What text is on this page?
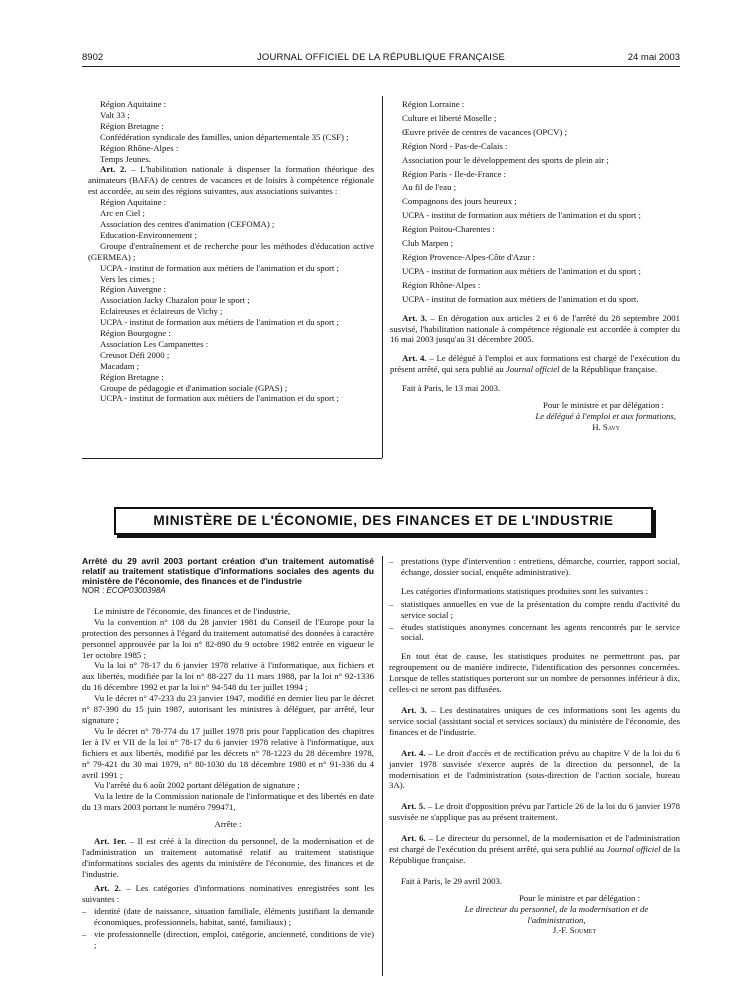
8902	JOURNAL OFFICIEL DE LA RÉPUBLIQUE FRANÇAISE	24 mai 2003

Région Aquitaine :

Valt 33 ;

Région Bretagne :

Confédération syndicale des familles, union départementale 35 (CSF) ;

Région Rhône-Alpes :

Temps Jeunes.

Art. 2. – L'habilitation nationale à dispenser la formation théorique des animateurs (BAFA) de centres de vacances et de loisirs à compétence régionale est accordée, au sein des régions suivantes, aux associations suivantes :

Région Aquitaine :

Arc en Ciel ;

Association des centres d'animation (CEFOMA) ;

Education-Environnement ;

Groupe d'entraînement et de recherche pour les méthodes d'éducation active (GERMEA) ;

UCPA - institut de formation aux métiers de l'animation et du sport ;

Vers les cimes ;

Région Auvergne :

Association Jacky Chazalon pour le sport ;

Eclaireuses et éclaireurs de Vichy ;

UCPA - institut de formation aux métiers de l'animation et du sport ;

Région Bourgogne :

Association Les Campanettes :

Creusot Défi 2000 ;

Macadam ;

Région Bretagne :

Groupe de pédagogie et d'animation sociale (GPAS) ;

UCPA - institut de formation aux métiers de l'animation et du sport ;

Région Lorraine :

Culture et liberté Moselle ;

Œuvre privée de centres de vacances (OPCV) ;

Région Nord - Pas-de-Calais :

Association pour le développement des sports de plein air ;

Région Paris - Ile-de-France :

Au fil de l'eau ;

Compagnons des jours heureux ;

UCPA - institut de formation aux métiers de l'animation et du sport ;

Région Poitou-Charentes :

Club Marpen ;

Région Provence-Alpes-Côte d'Azur :

UCPA - institut de formation aux métiers de l'animation et du sport ;

Région Rhône-Alpes :

UCPA - institut de formation aux métiers de l'animation et du sport.

Art. 3. – En dérogation aux articles 2 et 6 de l'arrêté du 28 septembre 2001 susvisé, l'habilitation nationale à compétence régionale est accordée à compter du 16 mai 2003 jusqu'au 31 décembre 2005.

Art. 4. – Le délégué à l'emploi et aux formations est chargé de l'exécution du présent arrêté, qui sera publié au Journal officiel de la République française.

Fait à Paris, le 13 mai 2003.

Pour le ministre et par délégation :

Le délégué à l'emploi et aux formations,

H. Savy

MINISTÈRE DE L'ÉCONOMIE, DES FINANCES ET DE L'INDUSTRIE

Arrêté du 29 avril 2003 portant création d'un traitement automatisé relatif au traitement statistique d'informations sociales des agents du ministère de l'économie, des finances et de l'industrie

NOR : ECOP0300398A

Le ministre de l'économie, des finances et de l'industrie,

Vu la convention n° 108 du 28 janvier 1981 du Conseil de l'Europe pour la protection des personnes à l'égard du traitement automatisé des données à caractère personnel approuvée par la loi n° 82-890 du 9 octobre 1982 entrée en vigueur le 1er octobre 1985 ;

Vu la loi n° 78-17 du 6 janvier 1978 relative à l'informatique, aux fichiers et aux libertés, modifiée par la loi n° 88-227 du 11 mars 1988, par la loi n° 92-1336 du 16 décembre 1992 et par la loi n° 94-548 du 1er juillet 1994 ;

Vu le décret n° 47-233 du 23 janvier 1947, modifié en dernier lieu par le décret n° 87-390 du 15 juin 1987, autorisant les ministres à déléguer, par arrêté, leur signature ;

Vu le décret n° 78-774 du 17 juillet 1978 pris pour l'application des chapitres Ier à IV et VII de la loi n° 78-17 du 6 janvier 1978 relative à l'informatique, aux fichiers et aux libertés, modifié par les décrets n° 78-1223 du 28 décembre 1978, n° 79-421 du 30 mai 1979, n° 80-1030 du 18 décembre 1980 et n° 91-336 du 4 avril 1991 ;

Vu l'arrêté du 6 août 2002 portant délégation de signature ;

Vu la lettre de la Commission nationale de l'informatique et des libertés en date du 13 mars 2003 portant le numéro 799471,

Arrête :

Art. 1er. – Il est créé à la direction du personnel, de la modernisation et de l'administration un traitement automatisé relatif au traitement statistique d'informations sociales des agents du ministère de l'économie, des finances et de l'industrie.

Art. 2. – Les catégories d'informations nominatives enregistrées sont les suivantes :

– identité (date de naissance, situation familiale, éléments justifiant la demande économiques, professionnels, habitat, santé, familiaux) ;
– vie professionnelle (direction, emploi, catégorie, ancienneté, conditions de vie) ;
– prestations (type d'intervention : entretiens, démarche, courrier, rapport social, échange, dossier social, enquête administrative).

Les catégories d'informations statistiques produites sont les suivantes :

– statistiques annuelles en vue de la présentation du compte rendu d'activité du service social ;
– études statistiques anonymes concernant les agents rencontrés par le service social.

En tout état de cause, les statistiques produites ne permettront pas, par regroupement ou de manière indirecte, l'identification des personnes concernées. Lorsque de telles statistiques porteront sur un nombre de personnes inférieur à dix, celles-ci ne seront pas diffusées.

Art. 3. – Les destinataires uniques de ces informations sont les agents du service social (assistant social et services sociaux) du ministère de l'économie, des finances et de l'industrie.

Art. 4. – Le droit d'accès et de rectification prévu au chapitre V de la loi du 6 janvier 1978 susvisée s'exerce auprès de la direction du personnel, de la modernisation et de l'administration (sous-direction de l'action sociale, bureau 3A).

Art. 5. – Le droit d'opposition prévu par l'article 26 de la loi du 6 janvier 1978 susvisée ne s'applique pas au présent traitement.

Art. 6. – Le directeur du personnel, de la modernisation et de l'administration est chargé de l'exécution du présent arrêté, qui sera publié au Journal officiel de la République française.

Fait à Paris, le 29 avril 2003.

Pour le ministre et par délégation :

Le directeur du personnel, de la modernisation et de l'administration,

J.-F. Soumet
